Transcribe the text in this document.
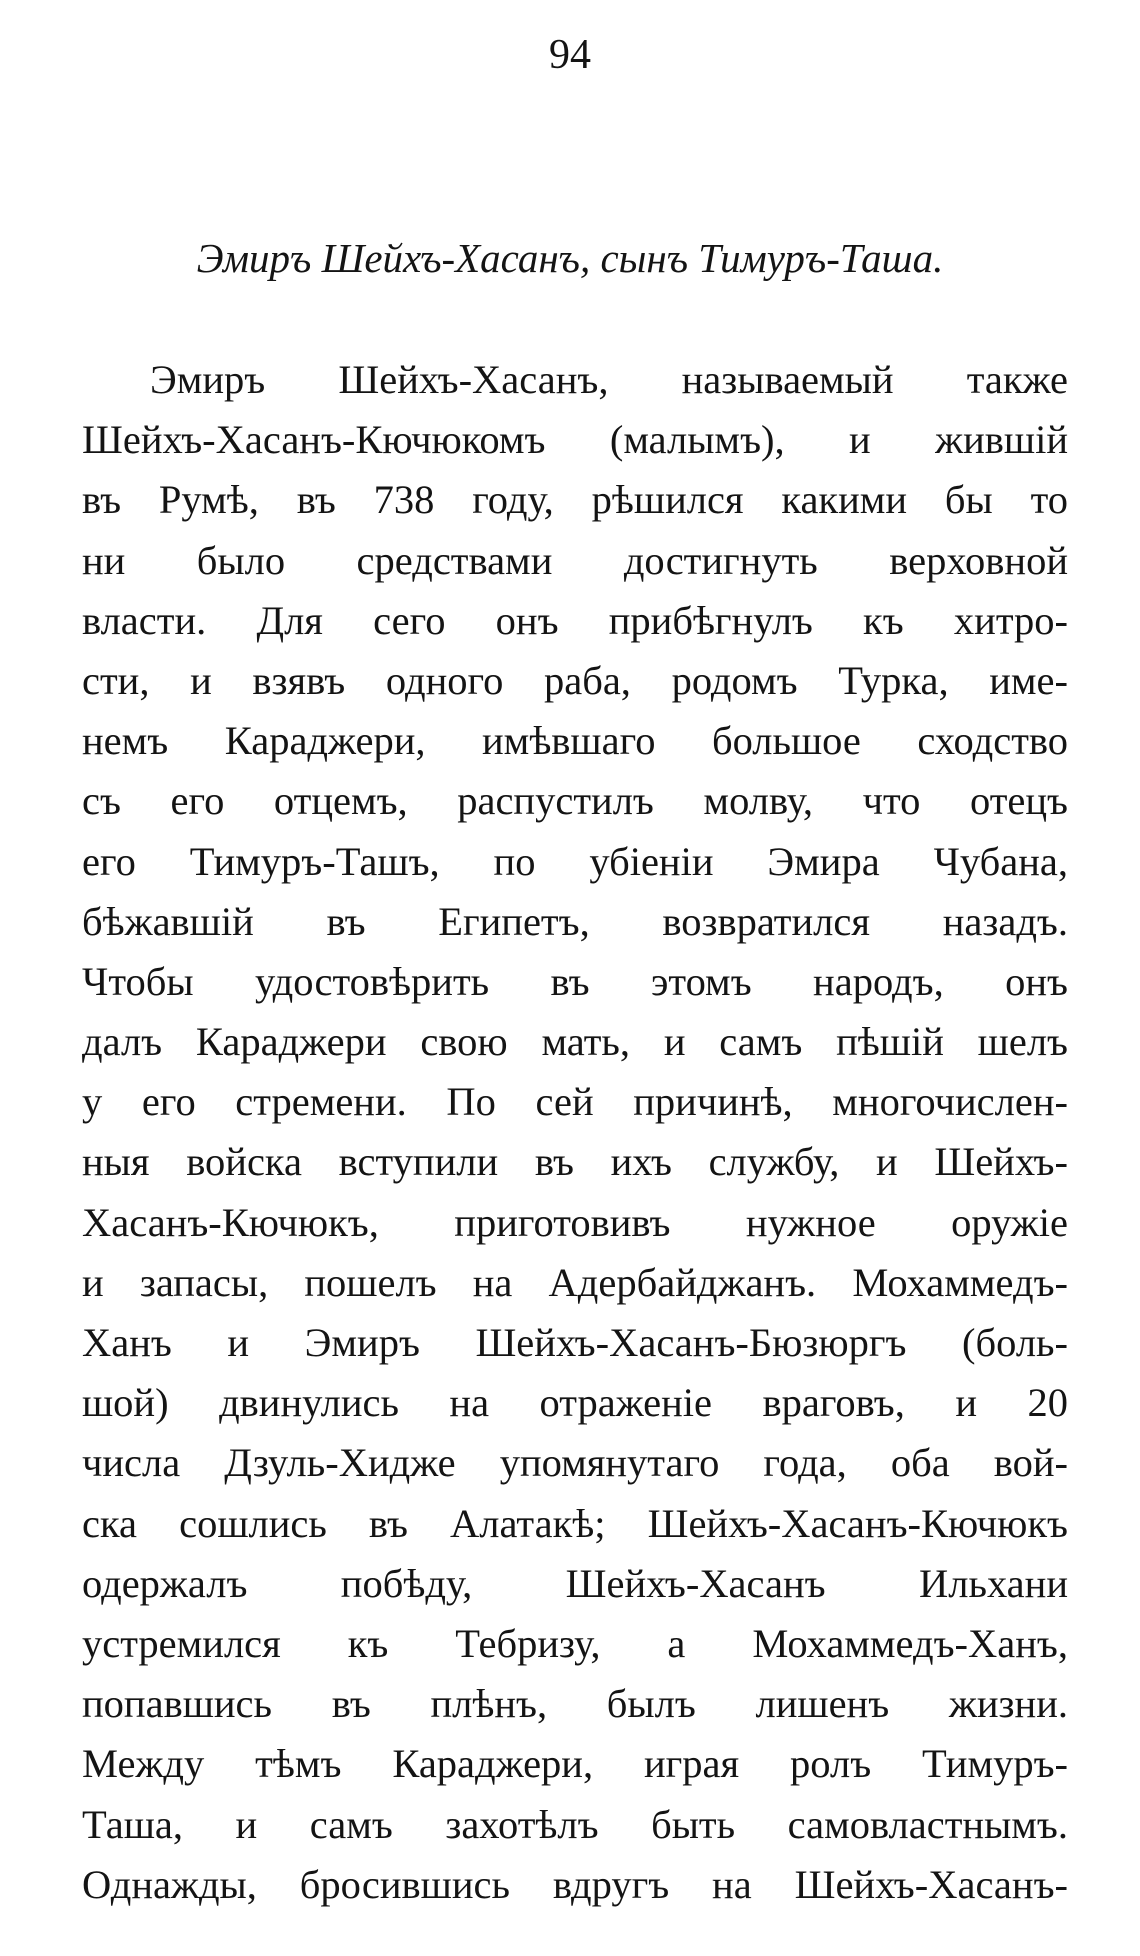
94
Эмиръ Шейхъ-Хасанъ, сынъ Тимуръ-Таша.
Эмиръ Шейхъ-Хасанъ, называемый также
Шейхъ-Хасанъ-Кючюкомъ (малымъ), и жившій
въ Румѣ, въ 738 году, рѣшился какими бы то
ни было средствами достигнуть верховной
власти. Для сего онъ прибѣгнулъ къ хитро-
сти, и взявъ одного раба, родомъ Турка, име-
немъ Караджери, имѣвшаго большое сходство
съ его отцемъ, распустилъ молву, что отецъ
его Тимуръ-Ташъ, по убіеніи Эмира Чубана,
бѣжавшій въ Египетъ, возвратился назадъ.
Чтобы удостовѣрить въ этомъ народъ, онъ
далъ Караджери свою мать, и самъ пѣшій шелъ
у его стремени. По сей причинѣ, многочислен-
ныя войска вступили въ ихъ службу, и Шейхъ-
Хасанъ-Кючюкъ, приготовивъ нужное оружіе
и запасы, пошелъ на Адербайджанъ. Мохаммедъ-
Ханъ и Эмиръ Шейхъ-Хасанъ-Бюзюргъ (боль-
шой) двинулись на отраженіе враговъ, и 20
числа Дзуль-Хидже упомянутаго года, оба вой-
ска сошлись въ Алатакѣ; Шейхъ-Хасанъ-Кючюкъ
одержалъ побѣду, Шейхъ-Хасанъ Ильхани
устремился къ Тебризу, а Мохаммедъ-Ханъ,
попавшись въ плѣнъ, былъ лишенъ жизни.
Между тѣмъ Караджери, играя ролъ Тимуръ-
Таша, и самъ захотѣлъ быть самовластнымъ.
Однажды, бросившись вдругъ на Шейхъ-Хасанъ-
